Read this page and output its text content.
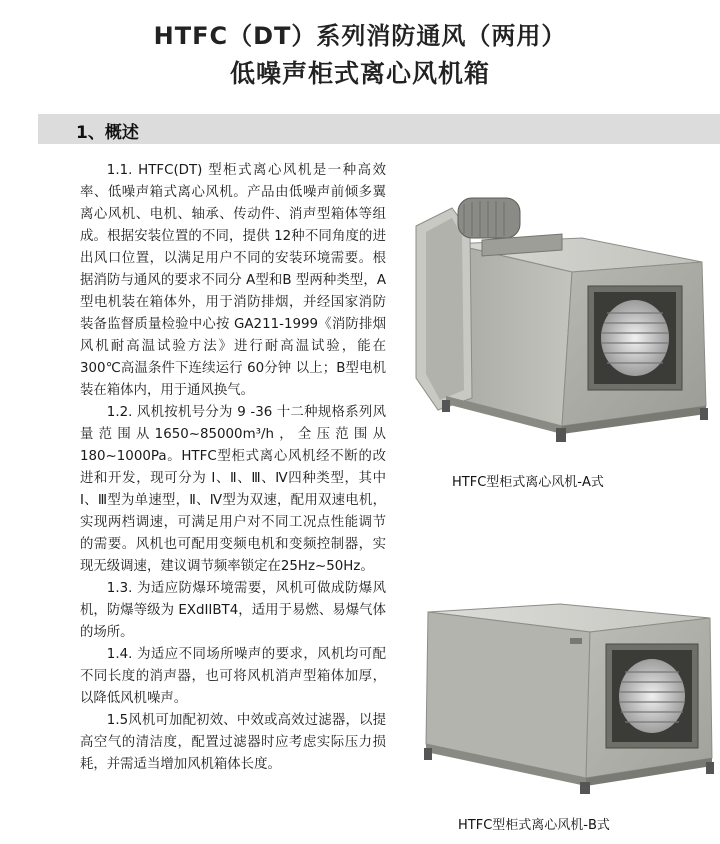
HTFC（DT）系列消防通风（两用）
低噪声柜式离心风机箱
1、概述

1.1. HTFC(DT) 型柜式离心风机是一种高效率、低噪声箱式离心风机。产品由低噪声前倾多翼离心风机、电机、轴承、传动件、消声型箱体等组成。根据安装位置的不同，提供 12种不同角度的进出风口位置，以满足用户不同的安装环境需要。根据消防与通风的要求不同分 A型和B 型两种类型，A型电机装在箱体外，用于消防排烟，并经国家消防装备监督质量检验中心按 GA211-1999《消防排烟风机耐高温试验方法》进行耐高温试验，能在 300℃高温条件下连续运行 60分钟 以上；B型电机 装在箱体内，用于通风换气。

1.2. 风机按机号分为 9 -36 十二种规格系列风量范围从1650~85000m³/h，全压范围从180~1000Pa。HTFC型柜式离心风机经不断的改进和开发，现可分为 Ⅰ、Ⅱ、Ⅲ、Ⅳ四种类型，其中 Ⅰ、Ⅲ型为单速型，Ⅱ、Ⅳ型为双速，配用双速电机，实现两档调速，可满足用户对不同工况点性能调节的需要。风机也可配用变频电机和变频控制器，实现无级调速，建议调节频率锁定在25Hz~50Hz。

1.3. 为适应防爆环境需要，风机可做成防爆风机，防爆等级为 EXdIIBT4，适用于易燃、易爆气体的场所。

1.4. 为适应不同场所噪声的要求，风机均可配不同长度的消声器，也可将风机消声型箱体加厚，以降低风机噪声。

1.5风机可加配初效、中效或高效过滤器，以提高空气的清洁度，配置过滤器时应考虑实际压力损耗，并需适当增加风机箱体长度。

HTFC型柜式离心风机-A式
HTFC型柜式离心风机-B式
